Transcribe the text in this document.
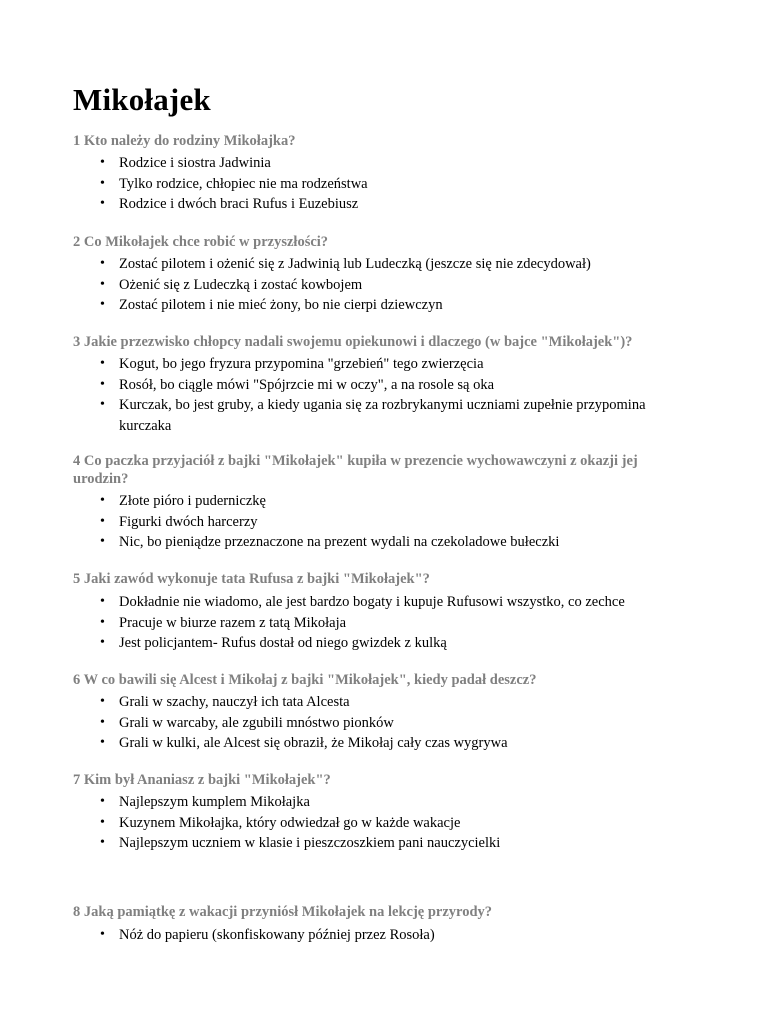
Mikołajek
1 Kto należy do rodziny Mikołajka?
• Rodzice i siostra Jadwinia
• Tylko rodzice, chłopiec nie ma rodzeństwa
• Rodzice i dwóch braci Rufus i Euzebiusz
2 Co Mikołajek chce robić w przyszłości?
• Zostać pilotem i ożenić się z Jadwinią lub Ludeczką (jeszcze się nie zdecydował)
• Ożenić się z Ludeczką i zostać kowbojem
• Zostać pilotem i nie mieć żony, bo nie cierpi dziewczyn
3 Jakie przezwisko chłopcy nadali swojemu opiekunowi i dlaczego (w bajce "Mikołajek")?
• Kogut, bo jego fryzura przypomina "grzebień" tego zwierzęcia
• Rosół, bo ciągle mówi "Spójrzcie mi w oczy", a na rosole są oka
• Kurczak, bo jest gruby, a kiedy ugania się za rozbrykanymi uczniami zupełnie przypomina kurczaka
4 Co paczka przyjaciół z bajki "Mikołajek" kupiła w prezencie wychowawczyni z okazji jej urodzin?
• Złote pióro i puderniczkę
• Figurki dwóch harcerzy
• Nic, bo pieniądze przeznaczone na prezent wydali na czekoladowe bułeczki
5 Jaki zawód wykonuje tata Rufusa z bajki "Mikołajek"?
• Dokładnie nie wiadomo, ale jest bardzo bogaty i kupuje Rufusowi wszystko, co zechce
• Pracuje w biurze razem z tatą Mikołaja
• Jest policjantem- Rufus dostał od niego gwizdek z kulką
6 W co bawili się Alcest i Mikołaj z bajki "Mikołajek", kiedy padał deszcz?
• Grali w szachy, nauczył ich tata Alcesta
• Grali w warcaby, ale zgubili mnóstwo pionków
• Grali w kulki, ale Alcest się obraził, że Mikołaj cały czas wygrywa
7 Kim był Ananiasz z bajki "Mikołajek"?
• Najlepszym kumplem Mikołajka
• Kuzynem Mikołajka, który odwiedzał go w każde wakacje
• Najlepszym uczniem w klasie i pieszczoszkiem pani nauczycielki
8 Jaką pamiątkę z wakacji przyniósł Mikołajek na lekcję przyrody?
• Nóż do papieru (skonfiskowany później przez Rosoła)
